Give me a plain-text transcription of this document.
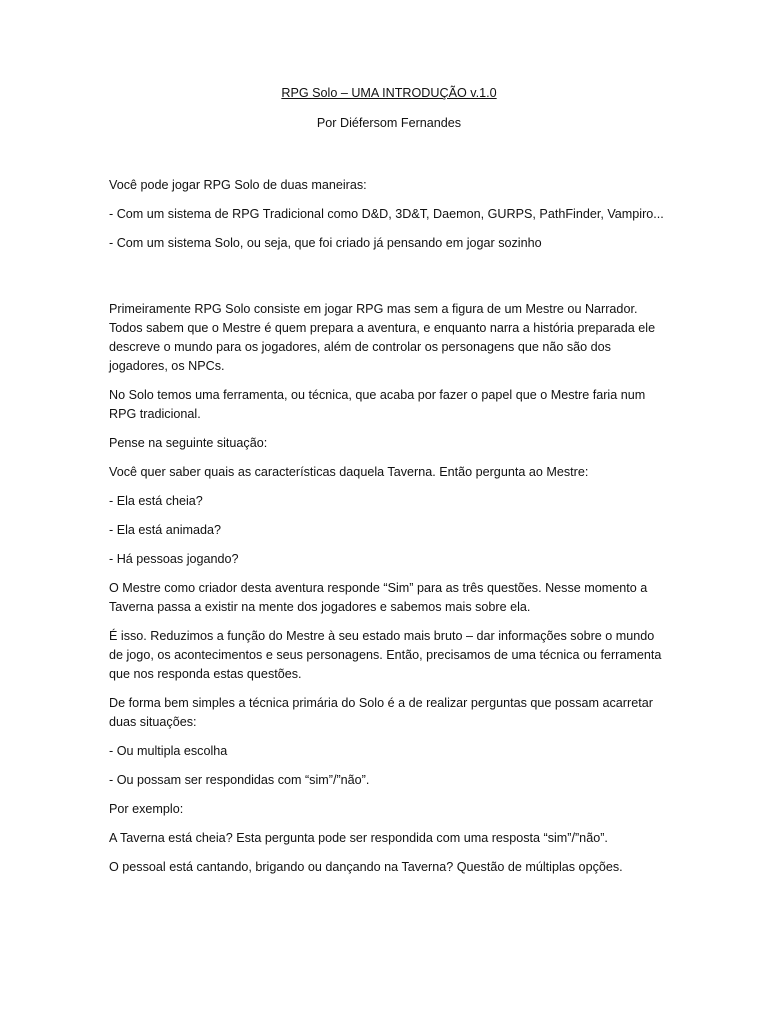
RPG Solo – UMA INTRODUÇÃO v.1.0

Por Diéfersom Fernandes

Você pode jogar RPG Solo de duas maneiras:

- Com um sistema de RPG Tradicional como D&D, 3D&T, Daemon, GURPS, PathFinder, Vampiro...

- Com um sistema Solo, ou seja, que foi criado já pensando em jogar sozinho

Primeiramente RPG Solo consiste em jogar RPG mas sem a figura de um Mestre ou Narrador. Todos sabem que o Mestre é quem prepara a aventura, e enquanto narra a história preparada ele descreve o mundo para os jogadores, além de controlar os personagens que não são dos jogadores, os NPCs.

No Solo temos uma ferramenta, ou técnica, que acaba por fazer o papel que o Mestre faria num RPG tradicional.

Pense na seguinte situação:

Você quer saber quais as características daquela Taverna. Então pergunta ao Mestre:

- Ela está cheia?

- Ela está animada?

- Há pessoas jogando?

O Mestre como criador desta aventura responde “Sim” para as três questões. Nesse momento a Taverna passa a existir na mente dos jogadores e sabemos mais sobre ela.

É isso. Reduzimos a função do Mestre à seu estado mais bruto – dar informações sobre o mundo de jogo, os acontecimentos e seus personagens. Então, precisamos de uma técnica ou ferramenta que nos responda estas questões.

De forma bem simples a técnica primária do Solo é a de realizar perguntas que possam acarretar duas situações:

- Ou multipla escolha

- Ou possam ser respondidas com “sim”/”não”.

Por exemplo:

A Taverna está cheia? Esta pergunta pode ser respondida com uma resposta “sim”/”não”.

O pessoal está cantando, brigando ou dançando na Taverna? Questão de múltiplas opções.
